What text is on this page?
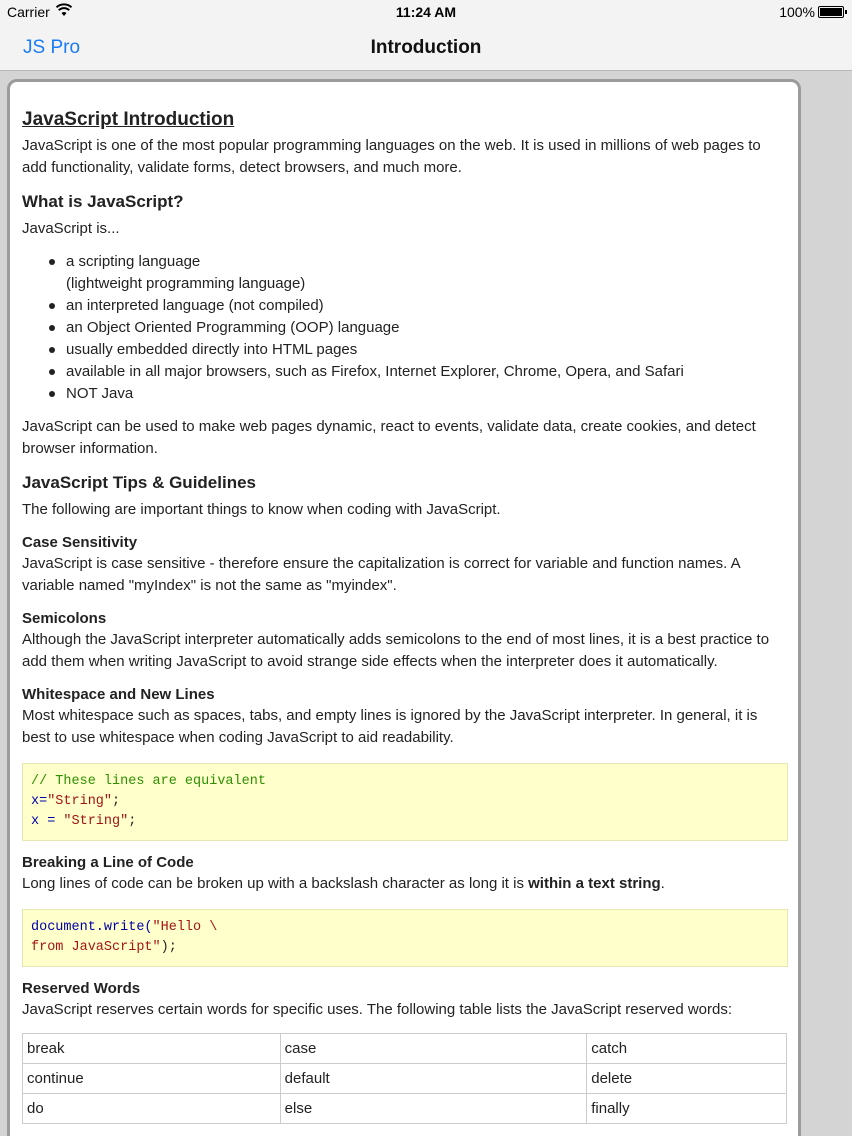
Carrier	11:24 AM	100%
JS Pro	Introduction
JavaScript Introduction

JavaScript is one of the most popular programming languages on the web. It is used in millions of web pages to add functionality, validate forms, detect browsers, and much more.

What is JavaScript?

JavaScript is...

a scripting language
(lightweight programming language)
an interpreted language (not compiled)
an Object Oriented Programming (OOP) language
usually embedded directly into HTML pages
available in all major browsers, such as Firefox, Internet Explorer, Chrome, Opera, and Safari
NOT Java

JavaScript can be used to make web pages dynamic, react to events, validate data, create cookies, and detect browser information.

JavaScript Tips & Guidelines

The following are important things to know when coding with JavaScript.

Case Sensitivity

JavaScript is case sensitive - therefore ensure the capitalization is correct for variable and function names. A variable named "myIndex" is not the same as "myindex".

Semicolons

Although the JavaScript interpreter automatically adds semicolons to the end of most lines, it is a best practice to add them when writing JavaScript to avoid strange side effects when the interpreter does it automatically.

Whitespace and New Lines

Most whitespace such as spaces, tabs, and empty lines is ignored by the JavaScript interpreter. In general, it is best to use whitespace when coding JavaScript to aid readability.

// These lines are equivalent
x="String";
x = "String";
Breaking a Line of Code

Long lines of code can be broken up with a backslash character as long it is within a text string.

document.write("Hello \
from JavaScript");
Reserved Words

JavaScript reserves certain words for specific uses. The following table lists the JavaScript reserved words:

break	case	catch
continue	default	delete
do	else	finally
